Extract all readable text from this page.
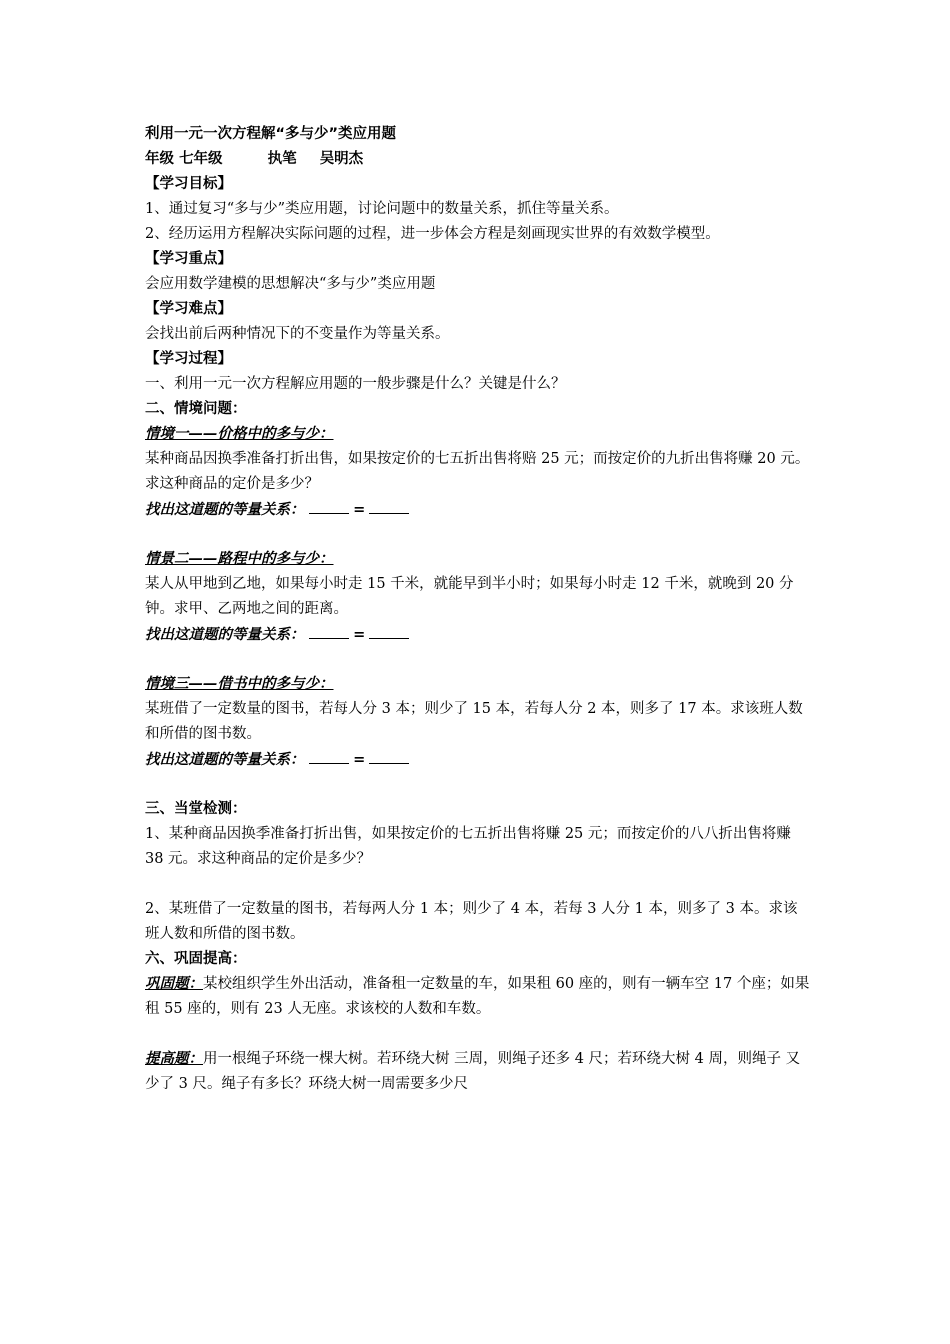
利用一元一次方程解“多与少”类应用题
年级 七年级	执笔 吴明杰
【学习目标】
1、通过复习“多与少”类应用题，讨论问题中的数量关系，抓住等量关系。
2、经历运用方程解决实际问题的过程，进一步体会方程是刻画现实世界的有效数学模型。
【学习重点】
会应用数学建模的思想解决“多与少”类应用题
【学习难点】
会找出前后两种情况下的不变量作为等量关系。
【学习过程】
一、利用一元一次方程解应用题的一般步骤是什么？关键是什么？
二、情境问题：
情境一——价格中的多与少：
某种商品因换季准备打折出售，如果按定价的七五折出售将赔 25 元；而按定价的九折出售将赚 20 元。求这种商品的定价是多少？
找出这道题的等量关系：	=
情景二——路程中的多与少：
某人从甲地到乙地，如果每小时走 15 千米，就能早到半小时；如果每小时走 12 千米，就晚到 20 分钟。求甲、乙两地之间的距离。
找出这道题的等量关系：	=
情境三——借书中的多与少：
某班借了一定数量的图书，若每人分 3 本；则少了 15 本，若每人分 2 本，则多了 17 本。求该班人数和所借的图书数。
找出这道题的等量关系：	=
三、当堂检测：
1、某种商品因换季准备打折出售，如果按定价的七五折出售将赚 25 元；而按定价的八八折出售将赚 38 元。求这种商品的定价是多少？
2、某班借了一定数量的图书，若每两人分 1 本；则少了 4 本，若每 3 人分 1 本，则多了 3 本。求该班人数和所借的图书数。
六、巩固提高：
巩固题：某校组织学生外出活动，准备租一定数量的车，如果租 60 座的，则有一辆车空 17 个座；如果租 55 座的，则有 23 人无座。求该校的人数和车数。
提高题：用一根绳子环绕一棵大树。若环绕大树 三周，则绳子还多 4 尺；若环绕大树 4 周，则绳子 又少了 3 尺。绳子有多长？环绕大树一周需要多少尺
